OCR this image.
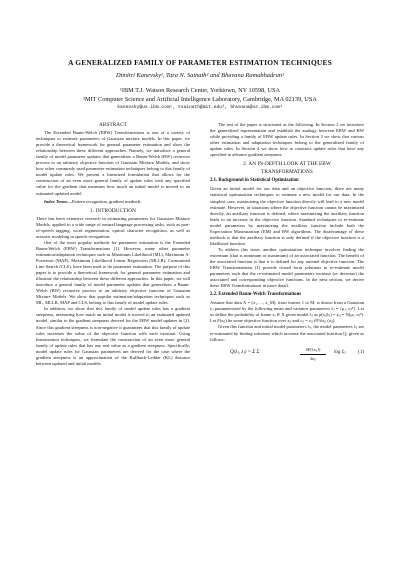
A GENERALIZED FAMILY OF PARAMETER ESTIMATION TECHNIQUES
Dimitri Kanevsky¹, Tara N. Sainath² and Bhuvana Ramabhadran¹
¹IBM T.J. Watson Research Center, Yorktown, NY 10598, USA
²MIT Computer Science and Artificial Intelligence Laboratory, Cambridge, MA 02139, USA
kanevsky@us.ibm.com¹, tsainath@mit.edu², bhuvana@us.ibm.com¹
ABSTRACT

The Extended Baum-Welch (EBW) Transformations is one of a variety of techniques to estimate parameters of Gaussian mixture models. In this paper, we provide a theoretical framework for general parameter estimation and show the relationship between these different approaches. Namely, we introduce a general family of model parameter updates that generalizes a Baum-Welch (BW) recursive process to an arbitrary objective function of Gaussian Mixture Models, and show how other commonly used parameter estimation techniques belong to this family of model update rules. We present a linearized formulation that allows for the construction of an even more general family of update rules with any specified value for the gradient that measures how much an initial model is moved to an estimated updated model.

Index Terms—Pattern recognition, gradient methods.

1. INTRODUCTION

There has been extensive research in estimating parameters for Gaussian Mixture Models, applied to a wide range of natural language processing tasks, such as part-of-speech tagging, word segmentation, optical character recognition, as well as acoustic modeling in speech recognition.

One of the most popular methods for parameter estimation is the Extended Baum-Welch (EBW) Transformations [1]. However, many other parameter estimation/adaptation techniques such as Maximum Likelihood (ML), Maximum A-Posteriori (MAP), Maximum Likelihood Linear Regression (MLLR), Constrained Line Search (CLS), have been used to do parameter estimation. The purpose of this paper is to provide a theoretical framework for general parameter estimation and illustrate the relationship between these different approaches. In this paper, we will introduce a general family of model parameter updates that generalizes a Baum-Welch (BW) recursive process to an arbitrary objective function of Gaussian Mixture Models. We show that popular estimation/adaptation techniques such as ML, MLLR, MAP and CLS, belong to this family of model update rules.

In addition, we show that this family of model update rules has a gradient steepness, measuring how much an initial model is moved to an estimated updated model, similar to the gradient steepness derived for the EBW model updates in [2]. Since this gradient steepness is non-negative it guarantees that this family of update rules increases the value of the objective function with each iteration. Using linearization techniques, we formulate the construction of an even more general family of update rules that has any real value as a gradient steepness. Specifically, model update rules for Gaussian parameters are derived for the case where the gradient steepness is an approximation of the Kullback-Leibler (KL) distance between updated and initial models.

The rest of the paper is structured as the following. In Section 2 we introduce the generalized representation and establish the analogy between EBW and BW while providing a family of EBW update rules. In Section 3 we show that various other estimation and adaptation techniques belong to the generalized family of update rules. In Section 4 we show how to construct update rules that have any specified in advance gradient steepness.

2. AN IN-DEPTH LOOK AT THE EBW
TRANSFORMATIONS
2.1. Background in Statistical Optimization

Given an initial model for our data and an objective function, there are many statistical optimization techniques to estimate a new model for our data. In the simplest case, maximizing the objective function directly will lead to a new model estimate. However, in situations where the objective function cannot be maximized directly, an auxiliary function is defined, where maximizing the auxiliary function leads to an increase in the objective function. Standard techniques to re-estimate model parameters by maximizing the auxiliary function include both the Expectation Maximization (EM) and BW algorithms. The disadvantage of these methods is that the auxiliary function is only defined if the objective function is a likelihood function.

To address this issue, another optimization technique involves finding the extremum (that is minimum or maximum) of an associated function. The benefit of the associated function is that it is defined for any rational objective function. The EBW Transformations [1] provide closed form solutions to re-estimate model parameters such that the re-estimated model parameters increase (or decrease) the associated and corresponding objective functions. In the next section, we derive these EBW Transformations in more detail.

2.2. Extended Baum-Welch Transformations

Assume that data X = (x₁, ..., x_M), from frames 1 to M, is drawn from a Gaussian λⱼ parameterized by the following mean and variance parameters λⱼ = {μⱼ, σⱼ²}. Let us define the probability of frame xᵢ ∈ X given model λⱼ as p(xᵢ|λⱼ) = zᵢⱼ = N(μⱼ, σⱼ²). Let F(zᵢⱼ) be some objective function over zᵢⱼ and cᵢⱼ = zᵢⱼ ∂F/∂zᵢⱼ (zᵢⱼ).

Given this function and initial model parameters λⱼ, the model parameters λⱼ are re-estimated by finding solutions which increase the associated function Q, given as follows:

Q(λⱼ, λⱼ) = Σ Σ
δF({zᵢⱼ})
δzᵢⱼ
log ẑᵢⱼ (1)
